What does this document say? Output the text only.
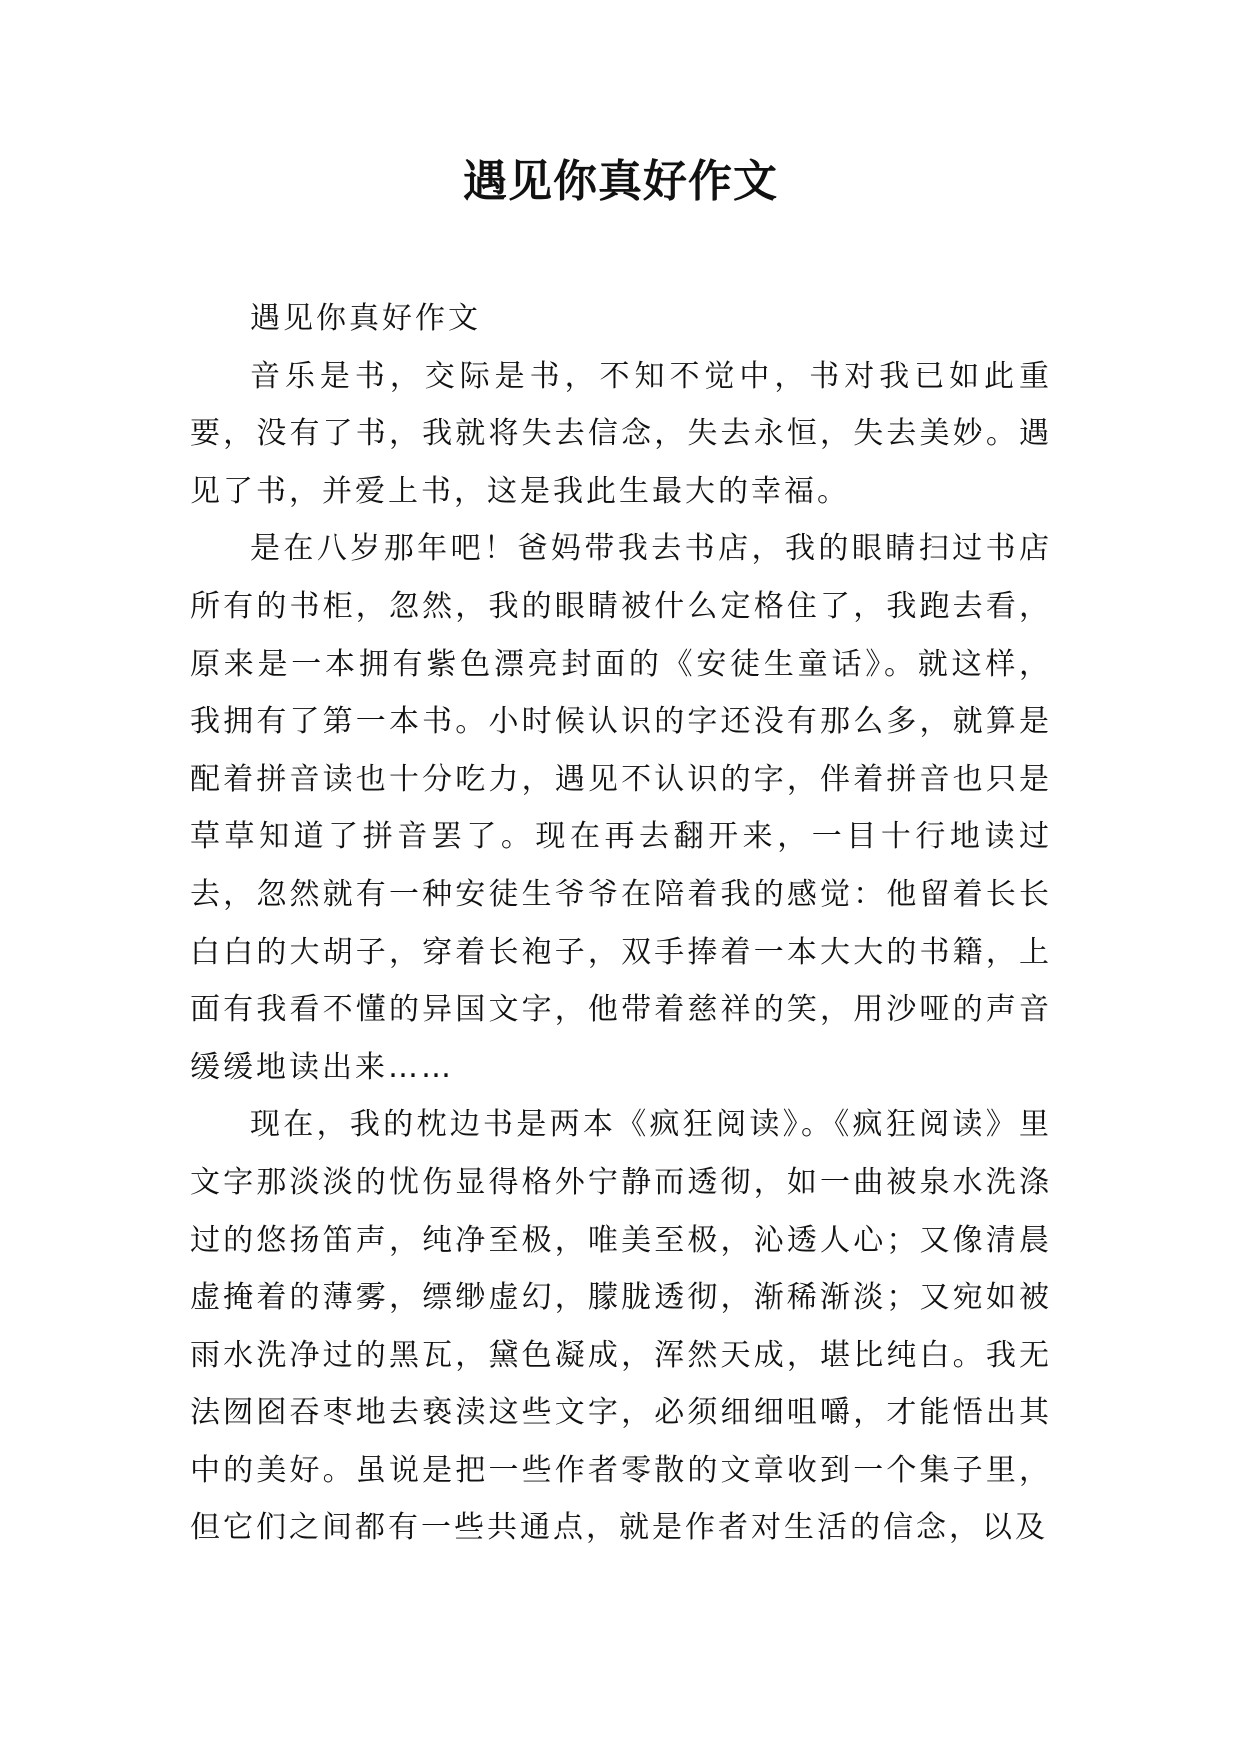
遇见你真好作文

遇见你真好作文

音乐是书，交际是书，不知不觉中，书对我已如此重要，没有了书，我就将失去信念，失去永恒，失去美妙。遇见了书，并爱上书，这是我此生最大的幸福。

是在八岁那年吧！爸妈带我去书店，我的眼睛扫过书店所有的书柜，忽然，我的眼睛被什么定格住了，我跑去看，原来是一本拥有紫色漂亮封面的《安徒生童话》。就这样，我拥有了第一本书。小时候认识的字还没有那么多，就算是配着拼音读也十分吃力，遇见不认识的字，伴着拼音也只是草草知道了拼音罢了。现在再去翻开来，一目十行地读过去，忽然就有一种安徒生爷爷在陪着我的感觉：他留着长长白白的大胡子，穿着长袍子，双手捧着一本大大的书籍，上面有我看不懂的异国文字，他带着慈祥的笑，用沙哑的声音缓缓地读出来……

现在，我的枕边书是两本《疯狂阅读》。《疯狂阅读》里文字那淡淡的忧伤显得格外宁静而透彻，如一曲被泉水洗涤过的悠扬笛声，纯净至极，唯美至极，沁透人心；又像清晨虚掩着的薄雾，缥缈虚幻，朦胧透彻，渐稀渐淡；又宛如被雨水洗净过的黑瓦，黛色凝成，浑然天成，堪比纯白。我无法囫囵吞枣地去亵渎这些文字，必须细细咀嚼，才能悟出其中的美好。虽说是把一些作者零散的文章收到一个集子里，但它们之间都有一些共通点，就是作者对生活的信念，以及
